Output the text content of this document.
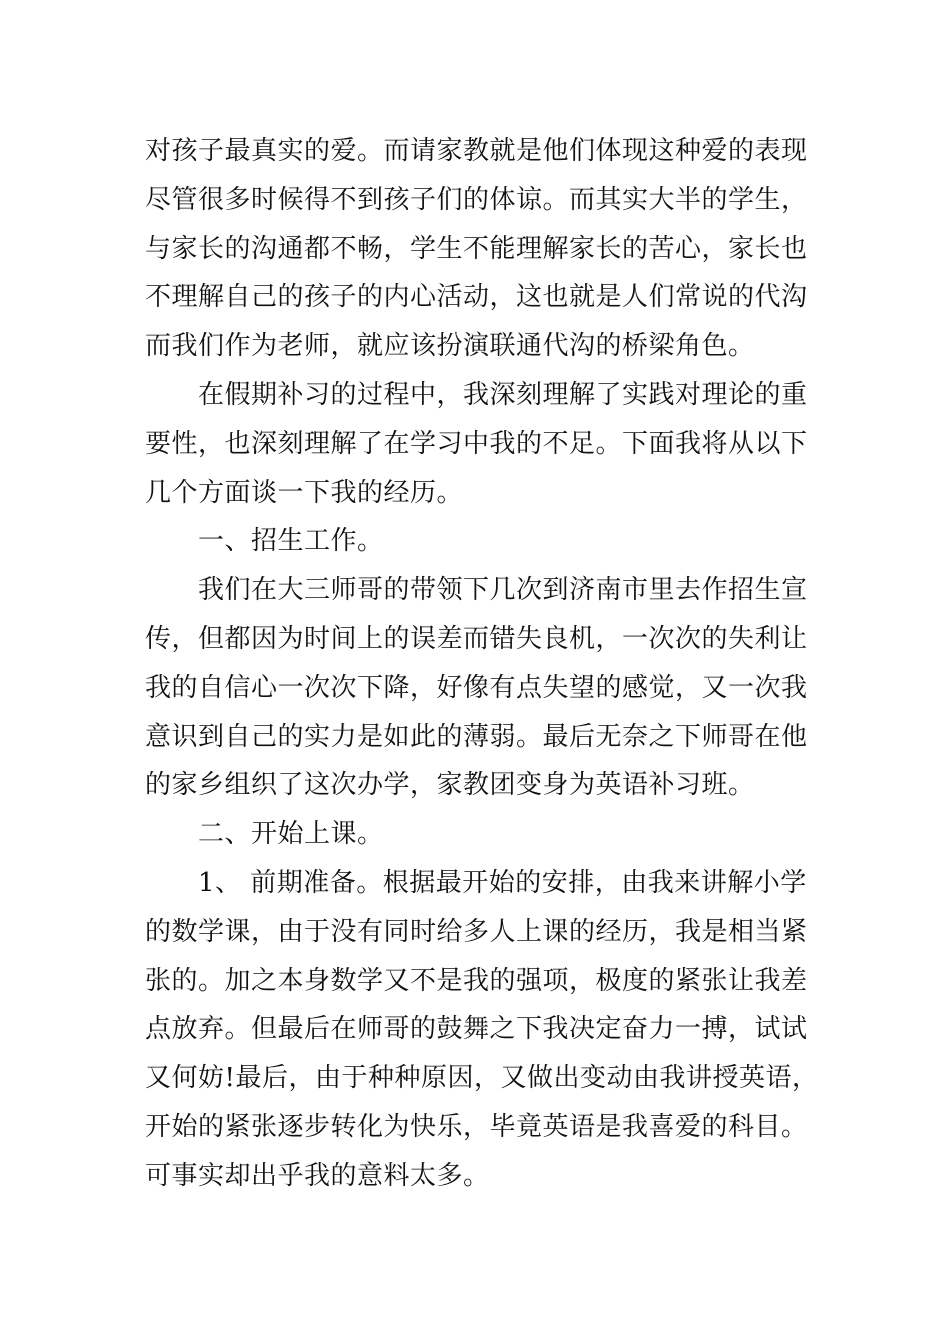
对孩子最真实的爱。而请家教就是他们体现这种爱的表现
尽管很多时候得不到孩子们的体谅。而其实大半的学生，
与家长的沟通都不畅，学生不能理解家长的苦心，家长也
不理解自己的孩子的内心活动，这也就是人们常说的代沟
而我们作为老师，就应该扮演联通代沟的桥梁角色。
在假期补习的过程中，我深刻理解了实践对理论的重
要性，也深刻理解了在学习中我的不足。下面我将从以下
几个方面谈一下我的经历。
一、招生工作。
我们在大三师哥的带领下几次到济南市里去作招生宣
传，但都因为时间上的误差而错失良机，一次次的失利让
我的自信心一次次下降，好像有点失望的感觉，又一次我
意识到自己的实力是如此的薄弱。最后无奈之下师哥在他
的家乡组织了这次办学，家教团变身为英语补习班。
二、开始上课。
1、 前期准备。根据最开始的安排，由我来讲解小学
的数学课，由于没有同时给多人上课的经历，我是相当紧
张的。加之本身数学又不是我的强项，极度的紧张让我差
点放弃。但最后在师哥的鼓舞之下我决定奋力一搏，试试
又何妨!最后，由于种种原因，又做出变动由我讲授英语，
开始的紧张逐步转化为快乐，毕竟英语是我喜爱的科目。
可事实却出乎我的意料太多。
